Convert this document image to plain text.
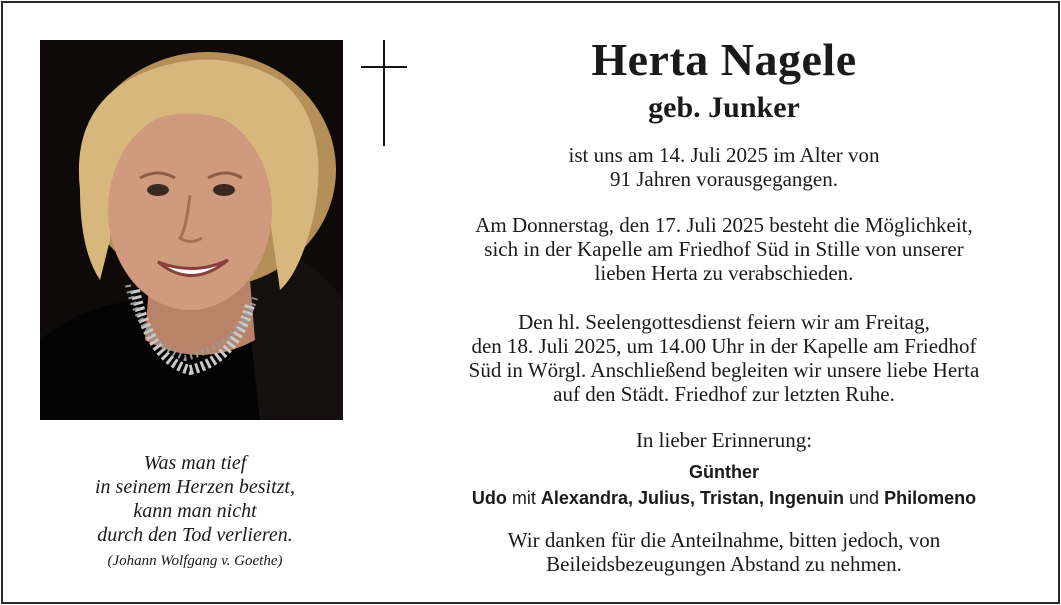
Herta Nagele
geb. Junker

ist uns am 14. Juli 2025 im Alter von

91 Jahren vorausgegangen.

Am Donnerstag, den 17. Juli 2025 besteht die Möglichkeit,

sich in der Kapelle am Friedhof Süd in Stille von unserer

lieben Herta zu verabschieden.

Den hl. Seelengottesdienst feiern wir am Freitag,

den 18. Juli 2025, um 14.00 Uhr in der Kapelle am Friedhof

Süd in Wörgl. Anschließend begleiten wir unsere liebe Herta

auf den Städt. Friedhof zur letzten Ruhe.

In lieber Erinnerung:

Günther

Udo mit Alexandra, Julius, Tristan, Ingenuin und Philomeno

Wir danken für die Anteilnahme, bitten jedoch, von

Beileidsbezeugungen Abstand zu nehmen.

Was man tief

in seinem Herzen besitzt,

kann man nicht

durch den Tod verlieren.

(Johann Wolfgang v. Goethe)
